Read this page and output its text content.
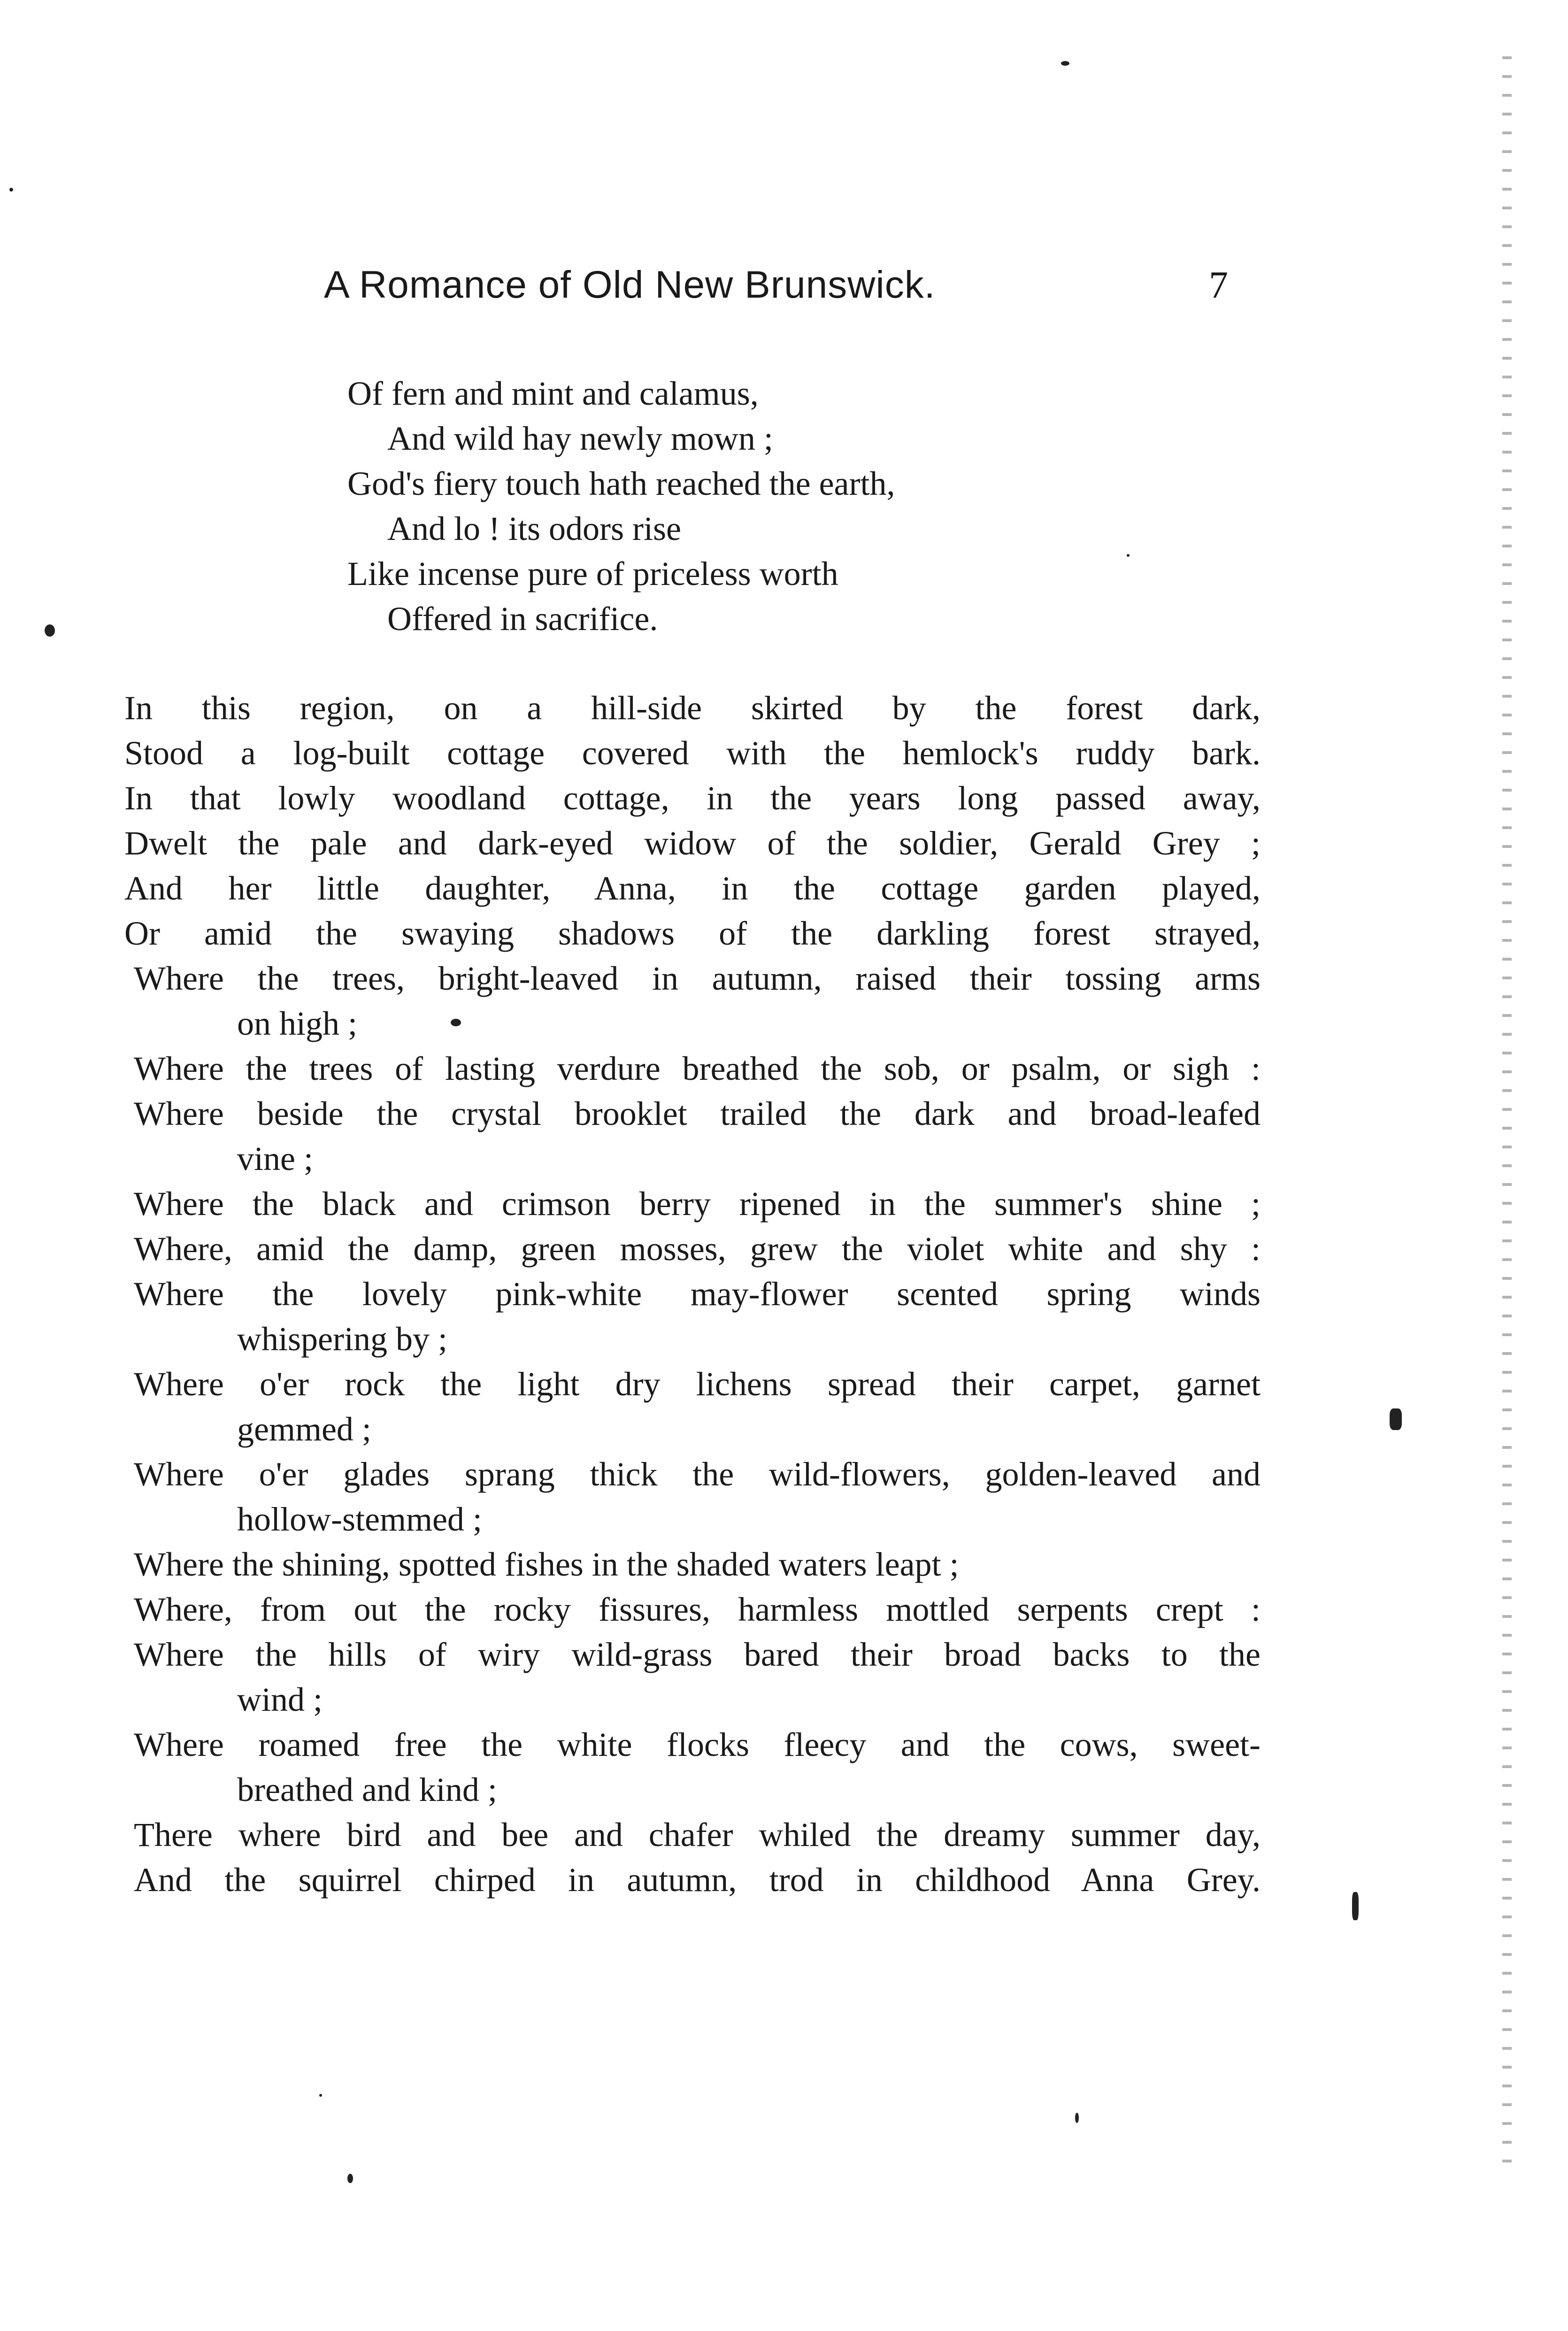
A Romance of Old New Brunswick.	7
Of fern and mint and calamus,
And wild hay newly mown ;
God's fiery touch hath reached the earth,
And lo ! its odors rise
Like incense pure of priceless worth
Offered in sacrifice.
In this region, on a hill-side skirted by the forest dark,
Stood a log-built cottage covered with the hemlock's ruddy bark.
In that lowly woodland cottage, in the years long passed away,
Dwelt the pale and dark-eyed widow of the soldier, Gerald Grey ;
And her little daughter, Anna, in the cottage garden played,
Or amid the swaying shadows of the darkling forest strayed,
Where the trees, bright-leaved in autumn, raised their tossing arms
on high ;
Where the trees of lasting verdure breathed the sob, or psalm, or sigh :
Where beside the crystal brooklet trailed the dark and broad-leafed
vine ;
Where the black and crimson berry ripened in the summer's shine ;
Where, amid the damp, green mosses, grew the violet white and shy :
Where the lovely pink-white may-flower scented spring winds
whispering by ;
Where o'er rock the light dry lichens spread their carpet, garnet
gemmed ;
Where o'er glades sprang thick the wild-flowers, golden-leaved and
hollow-stemmed ;
Where the shining, spotted fishes in the shaded waters leapt ;
Where, from out the rocky fissures, harmless mottled serpents crept :
Where the hills of wiry wild-grass bared their broad backs to the
wind ;
Where roamed free the white flocks fleecy and the cows, sweet-
breathed and kind ;
There where bird and bee and chafer whiled the dreamy summer day,
And the squirrel chirped in autumn, trod in childhood Anna Grey.
